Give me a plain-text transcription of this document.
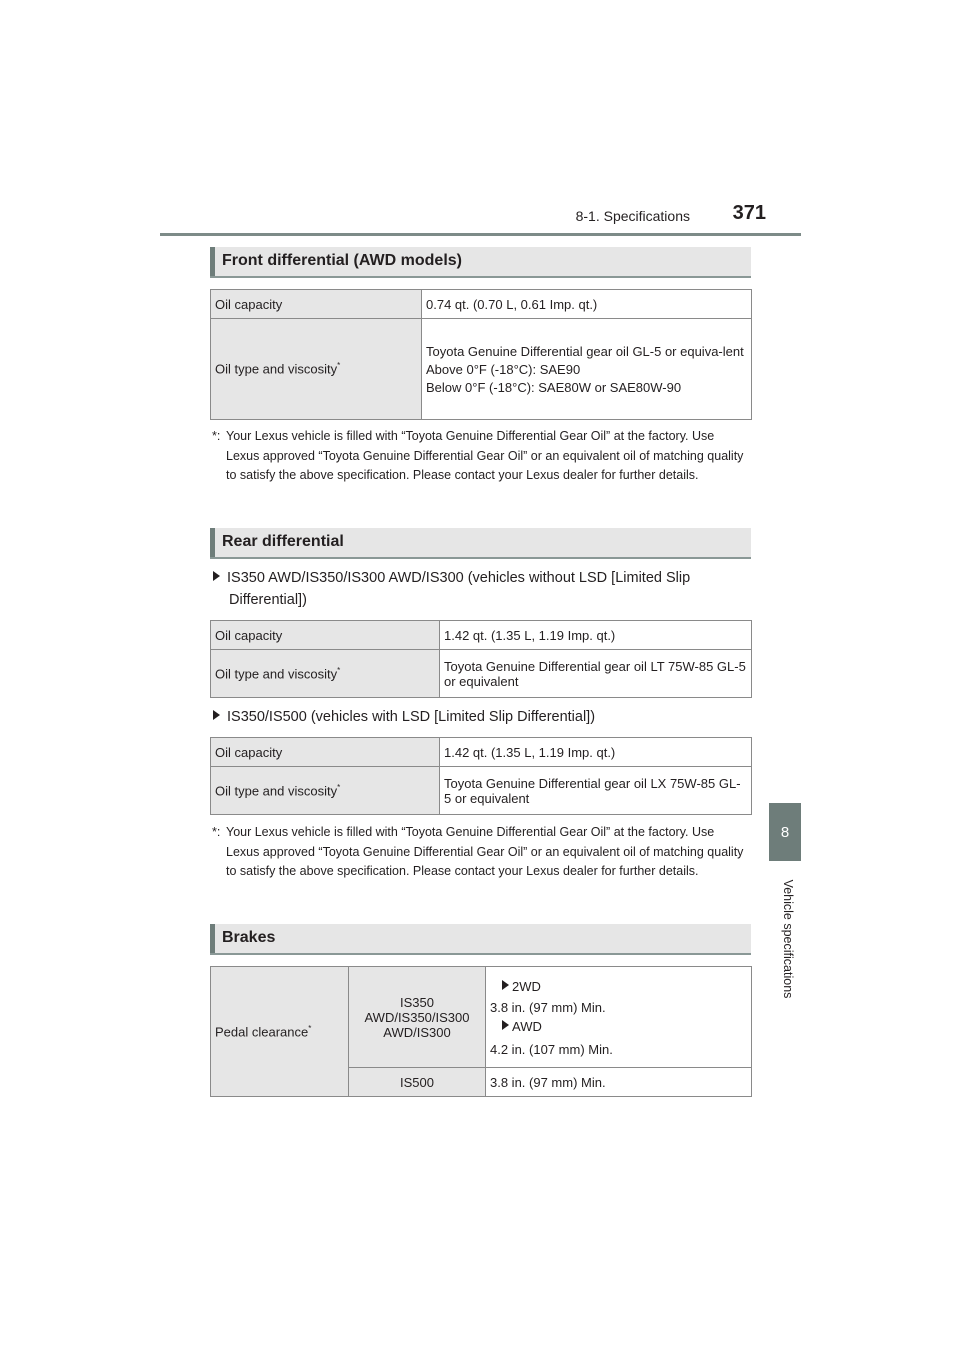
8-1. Specifications	371
8
Vehicle specifications
Front differential (AWD models)
Oil capacity	0.74 qt. (0.70 L, 0.61 Imp. qt.)
Oil type and viscosity*	Toyota Genuine Differential gear oil GL-5 or equiva-lent

Above 0°F (-18°C): SAE90

Below 0°F (-18°C): SAE80W or SAE80W-90

*: Your Lexus vehicle is filled with “Toyota Genuine Differential Gear Oil” at the factory. Use Lexus approved “Toyota Genuine Differential Gear Oil” or an equivalent oil of matching quality to satisfy the above specification. Please contact your Lexus dealer for further details.
Rear differential
IS350 AWD/IS350/IS300 AWD/IS300 (vehicles without LSD [Limited Slip Differential])
Oil capacity	1.42 qt. (1.35 L, 1.19 Imp. qt.)
Oil type and viscosity*	Toyota Genuine Differential gear oil LT 75W-85 GL-5 or equivalent
IS350/IS500 (vehicles with LSD [Limited Slip Differential])
Oil capacity	1.42 qt. (1.35 L, 1.19 Imp. qt.)
Oil type and viscosity*	Toyota Genuine Differential gear oil LX 75W-85 GL-5 or equivalent
*: Your Lexus vehicle is filled with “Toyota Genuine Differential Gear Oil” at the factory. Use Lexus approved “Toyota Genuine Differential Gear Oil” or an equivalent oil of matching quality to satisfy the above specification. Please contact your Lexus dealer for further details.
Brakes
Pedal clearance*	IS350 AWD/IS350/IS300 AWD/IS300	2WD

3.8 in. (97 mm) Min.

AWD

4.2 in. (107 mm) Min.

	IS500	3.8 in. (97 mm) Min.
